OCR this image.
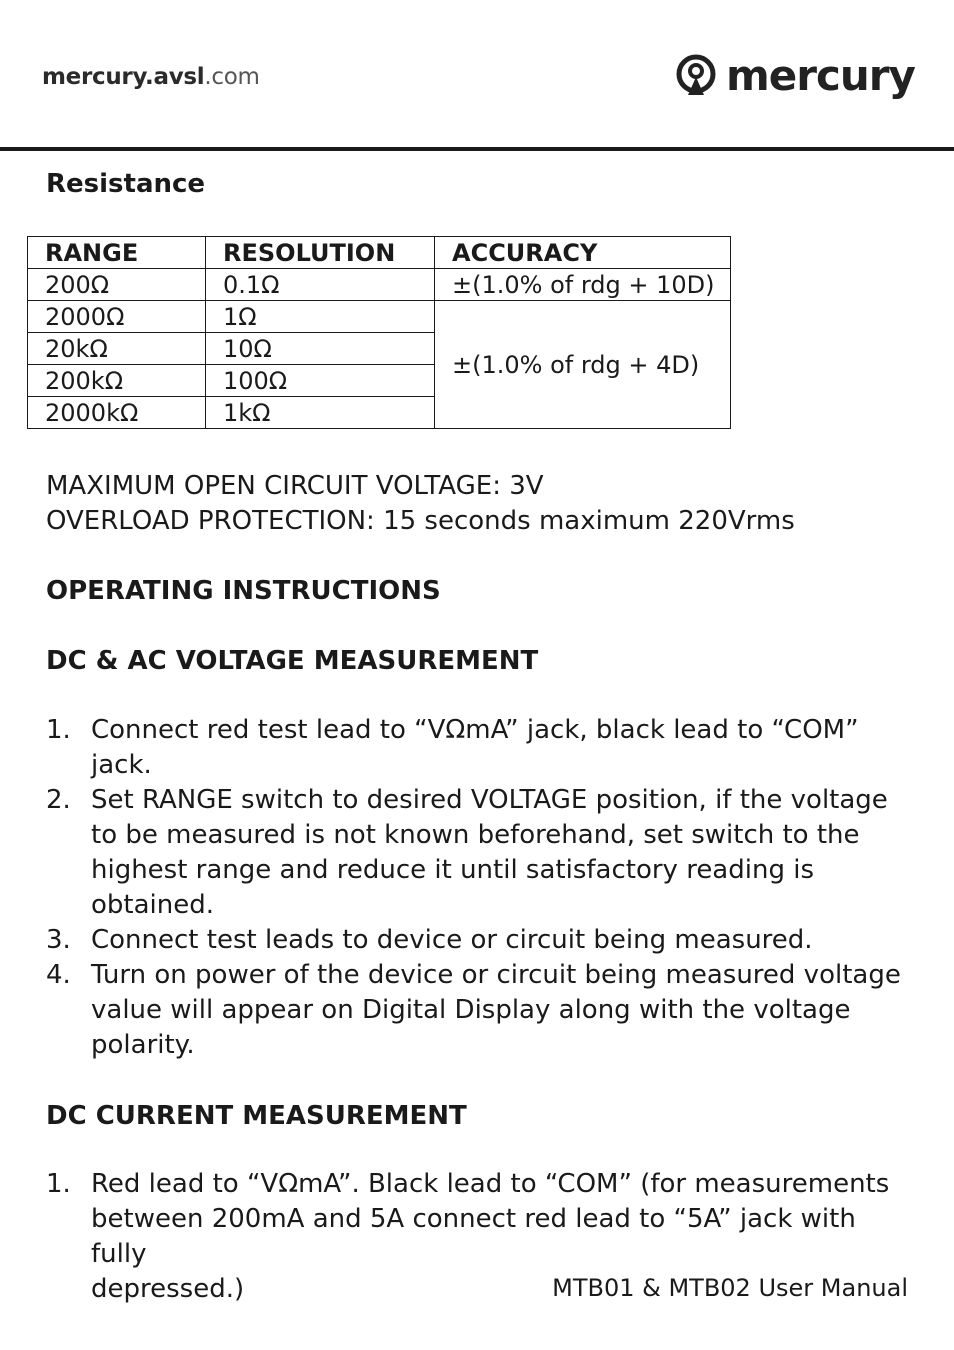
mercury.avsl.com	mercury
Resistance
RANGE	RESOLUTION	ACCURACY
200Ω	0.1Ω	±(1.0% of rdg + 10D)
2000Ω	1Ω	±(1.0% of rdg + 4D)
20kΩ	10Ω	
200kΩ	100Ω	
2000kΩ	1kΩ	

MAXIMUM OPEN CIRCUIT VOLTAGE: 3V

OVERLOAD PROTECTION: 15 seconds maximum 220Vrms

OPERATING INSTRUCTIONS
DC & AC VOLTAGE MEASUREMENT
1. Connect red test lead to “VΩmA” jack, black lead to “COM”
jack.
2. Set RANGE switch to desired VOLTAGE position, if the voltage
to be measured is not known beforehand, set switch to the
highest range and reduce it until satisfactory reading is
obtained.
3. Connect test leads to device or circuit being measured.
4. Turn on power of the device or circuit being measured voltage
value will appear on Digital Display along with the voltage
polarity.
DC CURRENT MEASUREMENT
1. Red lead to “VΩmA”. Black lead to “COM” (for measurements
between 200mA and 5A connect red lead to “5A” jack with fully
depressed.)	MTB01 & MTB02 User Manual
